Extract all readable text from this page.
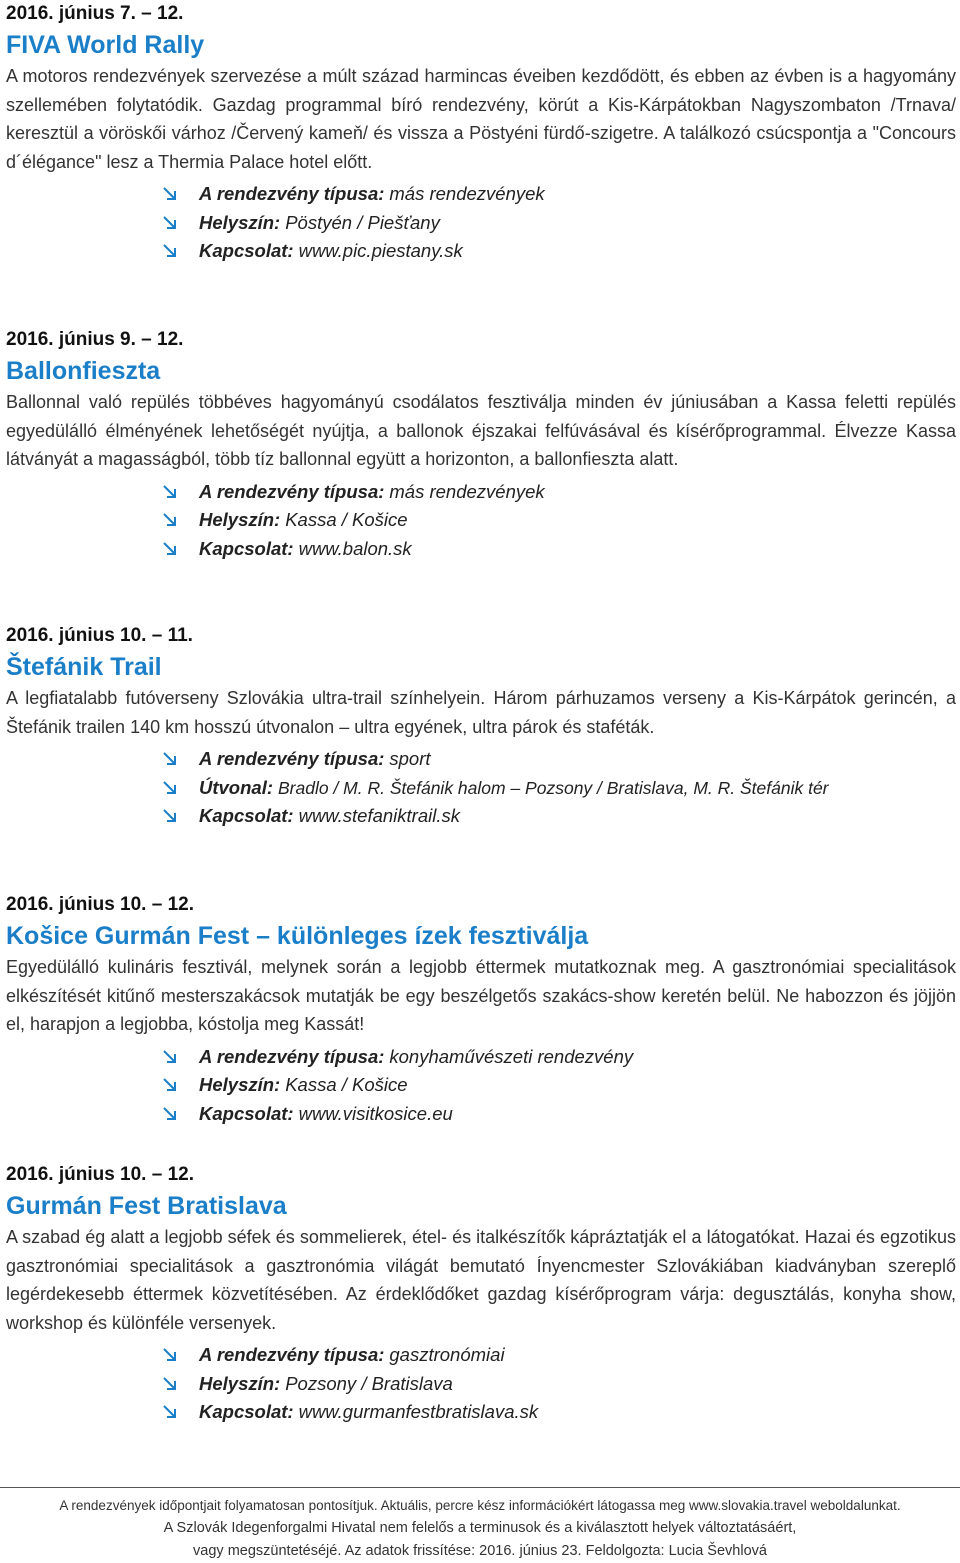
2016. június 7. – 12.
FIVA World Rally

A motoros rendezvények szervezése a múlt század harmincas éveiben kezdődött, és ebben az évben is a hagyomány szellemében folytatódik. Gazdag programmal bíró rendezvény, körút a Kis-Kárpátokban Nagyszombaton /Trnava/ keresztül a vöröskői várhoz /Červený kameň/ és vissza a Pöstyéni fürdő-szigetre. A találkozó csúcspontja a "Concours d´élégance" lesz a Thermia Palace hotel előtt.

A rendezvény típusa: más rendezvények
Helyszín: Pöstyén / Piešťany
Kapcsolat: www.pic.piestany.sk
2016. június 9. – 12.
Ballonfieszta

Ballonnal való repülés többéves hagyományú csodálatos fesztiválja minden év júniusában a Kassa feletti repülés egyedülálló élményének lehetőségét nyújtja, a ballonok éjszakai felfúvásával és kísérőprogrammal. Élvezze Kassa látványát a magasságból, több tíz ballonnal együtt a horizonton, a ballonfieszta alatt.

A rendezvény típusa: más rendezvények
Helyszín: Kassa / Košice
Kapcsolat: www.balon.sk
2016. június 10. – 11.
Štefánik Trail

A legfiatalabb futóverseny Szlovákia ultra-trail színhelyein. Három párhuzamos verseny a Kis-Kárpátok gerincén, a Štefánik trailen 140 km hosszú útvonalon – ultra egyének, ultra párok és staféták.

A rendezvény típusa: sport
Útvonal: Bradlo / M. R. Štefánik halom – Pozsony / Bratislava, M. R. Štefánik tér
Kapcsolat: www.stefaniktrail.sk
2016. június 10. – 12.
Košice Gurmán Fest – különleges ízek fesztiválja

Egyedülálló kulináris fesztivál, melynek során a legjobb éttermek mutatkoznak meg. A gasztronómiai specialitások elkészítését kitűnő mesterszakácsok mutatják be egy beszélgetős szakács-show keretén belül. Ne habozzon és jöjjön el, harapjon a legjobba, kóstolja meg Kassát!

A rendezvény típusa: konyhaművészeti rendezvény
Helyszín: Kassa / Košice
Kapcsolat: www.visitkosice.eu
2016. június 10. – 12.
Gurmán Fest Bratislava

A szabad ég alatt a legjobb séfek és sommelierek, étel- és italkészítők kápráztatják el a látogatókat. Hazai és egzotikus gasztronómiai specialitások a gasztronómia világát bemutató Ínyencmester Szlovákiában kiadványban szereplő legérdekesebb éttermek közvetítésében. Az érdeklődőket gazdag kísérőprogram várja: degusztálás, konyha show, workshop és különféle versenyek.

A rendezvény típusa: gasztronómiai
Helyszín: Pozsony / Bratislava
Kapcsolat: www.gurmanfestbratislava.sk
A rendezvények időpontjait folyamatosan pontosítjuk. Aktuális, percre kész információkért látogassa meg www.slovakia.travel weboldalunkat.
A Szlovák Idegenforgalmi Hivatal nem felelős a terminusok és a kiválasztott helyek változtatásáért,
vagy megszüntetéséjé. Az adatok frissítése: 2016. június 23. Feldolgozta: Lucia Ševhlová
